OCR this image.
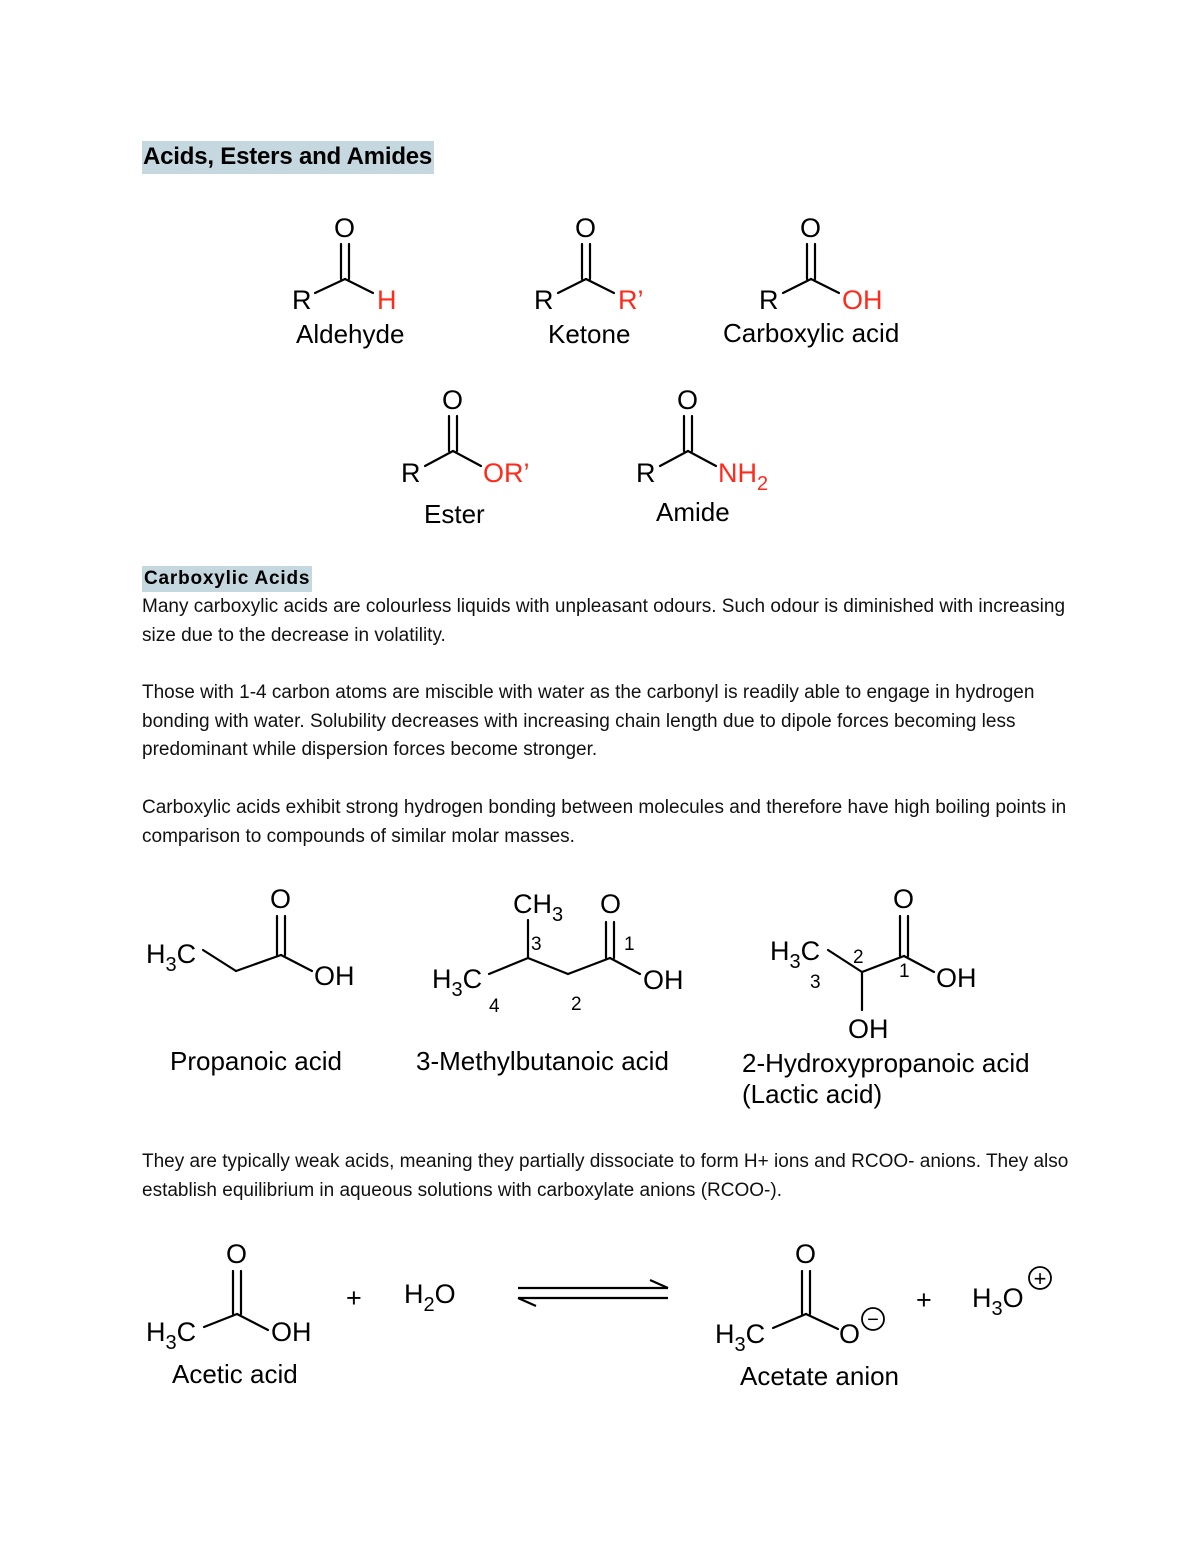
Acids, Esters and Amides
O
R H
Aldehyde
O
R R’
Ketone
O
R OH
Carboxylic acid
O
R OR’
Ester
O
R $NH_2$
Amide
Carboxylic Acids

Many carboxylic acids are colourless liquids with unpleasant odours. Such odour is diminished with increasing size due to the decrease in volatility.

Those with 1-4 carbon atoms are miscible with water as the carbonyl is readily able to engage in hydrogen bonding with water. Solubility decreases with increasing chain length due to dipole forces becoming less predominant while dispersion forces become stronger.

Carboxylic acids exhibit strong hydrogen bonding between molecules and therefore have high boiling points in comparison to compounds of similar molar masses.

O
$H_3C$
OH
Propanoic acid
$CH_3$ O
$H_3C$	OH
3	1
2
4
3-Methylbutanoic acid
O
$H_3C$
OH
OH
2
3
1
2-Hydroxypropanoic acid
(Lactic acid)

They are typically weak acids, meaning they partially dissociate to form H+ ions and RCOO- anions. They also establish equilibrium in aqueous solutions with carboxylate anions (RCOO-).

O
$H_3C$	OH
Acetic acid
+ $H_2O$
O
$H_3C$	O −
Acetate anion
+ $H_3O$
+
